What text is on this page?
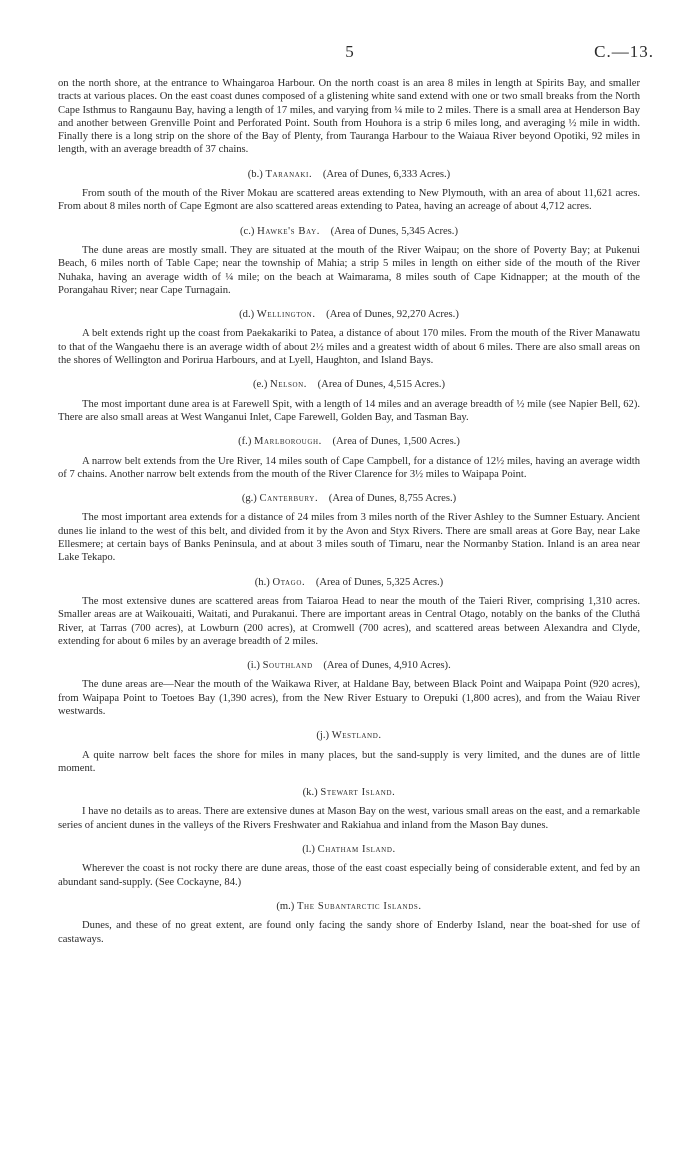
5	C.—13.

on the north shore, at the entrance to Whaingaroa Harbour. On the north coast is an area 8 miles in length at Spirits Bay, and smaller tracts at various places. On the east coast dunes composed of a glistening white sand extend with one or two small breaks from the North Cape Isthmus to Rangaunu Bay, having a length of 17 miles, and varying from ¼ mile to 2 miles. There is a small area at Henderson Bay and another between Grenville Point and Perforated Point. South from Houhora is a strip 6 miles long, and averaging ½ mile in width. Finally there is a long strip on the shore of the Bay of Plenty, from Tauranga Harbour to the Waiaua River beyond Opotiki, 92 miles in length, with an average breadth of 37 chains.

(b.) Taranaki.  (Area of Dunes, 6,333 Acres.)

From south of the mouth of the River Mokau are scattered areas extending to New Plymouth, with an area of about 11,621 acres. From about 8 miles north of Cape Egmont are also scattered areas extending to Patea, having an acreage of about 4,712 acres.

(c.) Hawke's Bay.  (Area of Dunes, 5,345 Acres.)

The dune areas are mostly small. They are situated at the mouth of the River Waipau; on the shore of Poverty Bay; at Pukenui Beach, 6 miles north of Table Cape; near the township of Mahia; a strip 5 miles in length on either side of the mouth of the River Nuhaka, having an average width of ¼ mile; on the beach at Waimarama, 8 miles south of Cape Kidnapper; at the mouth of the Porangahau River; near Cape Turnagain.

(d.) Wellington.  (Area of Dunes, 92,270 Acres.)

A belt extends right up the coast from Paekakariki to Patea, a distance of about 170 miles. From the mouth of the River Manawatu to that of the Wangaehu there is an average width of about 2½ miles and a greatest width of about 6 miles. There are also small areas on the shores of Wellington and Porirua Harbours, and at Lyell, Haughton, and Island Bays.

(e.) Nelson.  (Area of Dunes, 4,515 Acres.)

The most important dune area is at Farewell Spit, with a length of 14 miles and an average breadth of ½ mile (see Napier Bell, 62). There are also small areas at West Wanganui Inlet, Cape Farewell, Golden Bay, and Tasman Bay.

(f.) Marlborough.  (Area of Dunes, 1,500 Acres.)

A narrow belt extends from the Ure River, 14 miles south of Cape Campbell, for a distance of 12½ miles, having an average width of 7 chains. Another narrow belt extends from the mouth of the River Clarence for 3½ miles to Waipapa Point.

(g.) Canterbury.  (Area of Dunes, 8,755 Acres.)

The most important area extends for a distance of 24 miles from 3 miles north of the River Ashley to the Sumner Estuary. Ancient dunes lie inland to the west of this belt, and divided from it by the Avon and Styx Rivers. There are small areas at Gore Bay, near Lake Ellesmere; at certain bays of Banks Peninsula, and at about 3 miles south of Timaru, near the Normanby Station. Inland is an area near Lake Tekapo.

(h.) Otago.  (Area of Dunes, 5,325 Acres.)

The most extensive dunes are scattered areas from Taiaroa Head to near the mouth of the Taieri River, comprising 1,310 acres. Smaller areas are at Waikouaiti, Waitati, and Purakanui. There are important areas in Central Otago, notably on the banks of the Cluthá River, at Tarras (700 acres), at Lowburn (200 acres), at Cromwell (700 acres), and scattered areas between Alexandra and Clyde, extending for about 6 miles by an average breadth of 2 miles.

(i.) Southland  (Area of Dunes, 4,910 Acres).

The dune areas are—Near the mouth of the Waikawa River, at Haldane Bay, between Black Point and Waipapa Point (920 acres), from Waipapa Point to Toetoes Bay (1,390 acres), from the New River Estuary to Orepuki (1,800 acres), and from the Waiau River westwards.

(j.) Westland.

A quite narrow belt faces the shore for miles in many places, but the sand-supply is very limited, and the dunes are of little moment.

(k.) Stewart Island.

I have no details as to areas. There are extensive dunes at Mason Bay on the west, various small areas on the east, and a remarkable series of ancient dunes in the valleys of the Rivers Freshwater and Rakiahua and inland from the Mason Bay dunes.

(l.) Chatham Island.

Wherever the coast is not rocky there are dune areas, those of the east coast especially being of considerable extent, and fed by an abundant sand-supply. (See Cockayne, 84.)

(m.) The Subantarctic Islands.

Dunes, and these of no great extent, are found only facing the sandy shore of Enderby Island, near the boat-shed for use of castaways.
